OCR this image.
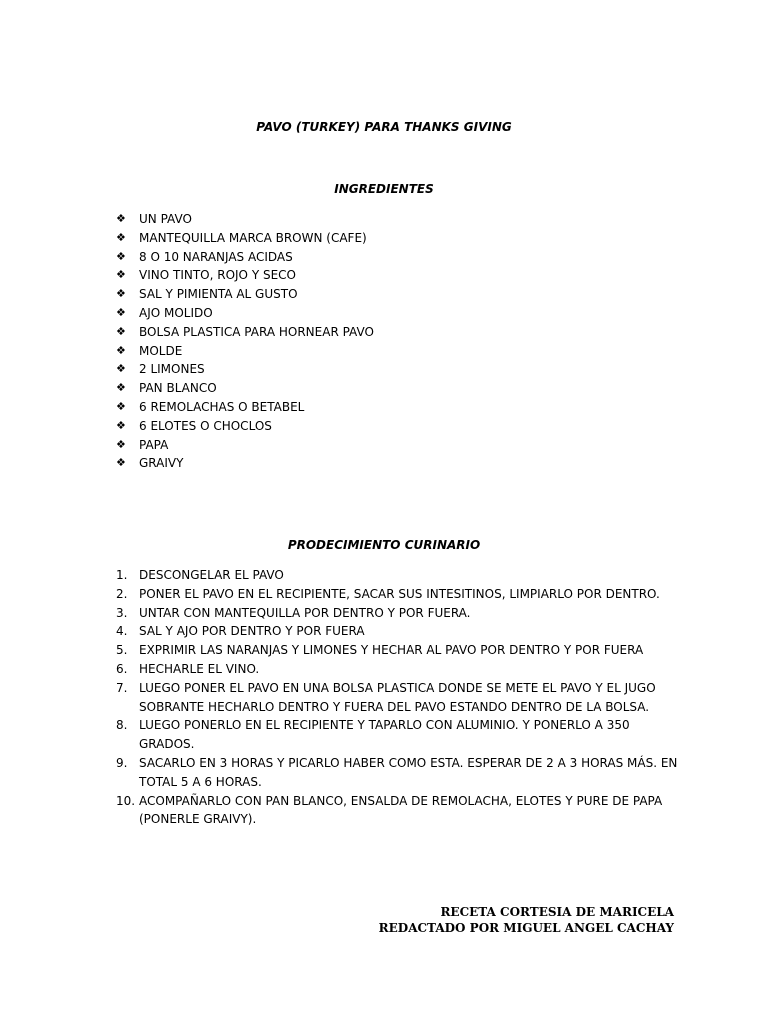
PAVO (TURKEY) PARA THANKS GIVING
INGREDIENTES
❖ UN PAVO
❖ MANTEQUILLA MARCA BROWN (CAFE)
❖ 8 O 10 NARANJAS ACIDAS
❖ VINO TINTO, ROJO Y SECO
❖ SAL Y PIMIENTA AL GUSTO
❖ AJO MOLIDO
❖ BOLSA PLASTICA PARA HORNEAR PAVO
❖ MOLDE
❖ 2 LIMONES
❖ PAN BLANCO
❖ 6 REMOLACHAS O BETABEL
❖ 6 ELOTES O CHOCLOS
❖ PAPA
❖ GRAIVY
PRODECIMIENTO CURINARIO
1. DESCONGELAR EL PAVO
2. PONER EL PAVO EN EL RECIPIENTE, SACAR SUS INTESITINOS, LIMPIARLO POR DENTRO.
3. UNTAR CON MANTEQUILLA POR DENTRO Y POR FUERA.
4. SAL Y AJO POR DENTRO Y POR FUERA
5. EXPRIMIR LAS NARANJAS Y LIMONES Y HECHAR AL PAVO POR DENTRO Y POR FUERA
6. HECHARLE EL VINO.
7. LUEGO PONER EL PAVO EN UNA BOLSA PLASTICA DONDE SE METE EL PAVO Y EL JUGO SOBRANTE HECHARLO DENTRO Y FUERA DEL PAVO ESTANDO DENTRO DE LA BOLSA.
8. LUEGO PONERLO EN EL RECIPIENTE Y TAPARLO CON ALUMINIO. Y PONERLO A 350 GRADOS.
9. SACARLO EN 3 HORAS Y PICARLO HABER COMO ESTA. ESPERAR DE 2 A 3 HORAS MÁS. EN TOTAL 5 A 6 HORAS.
10. ACOMPAÑARLO CON PAN BLANCO, ENSALDA DE REMOLACHA, ELOTES Y PURE DE PAPA (PONERLE GRAIVY).
RECETA CORTESIA DE MARICELA
REDACTADO POR MIGUEL ANGEL CACHAY
